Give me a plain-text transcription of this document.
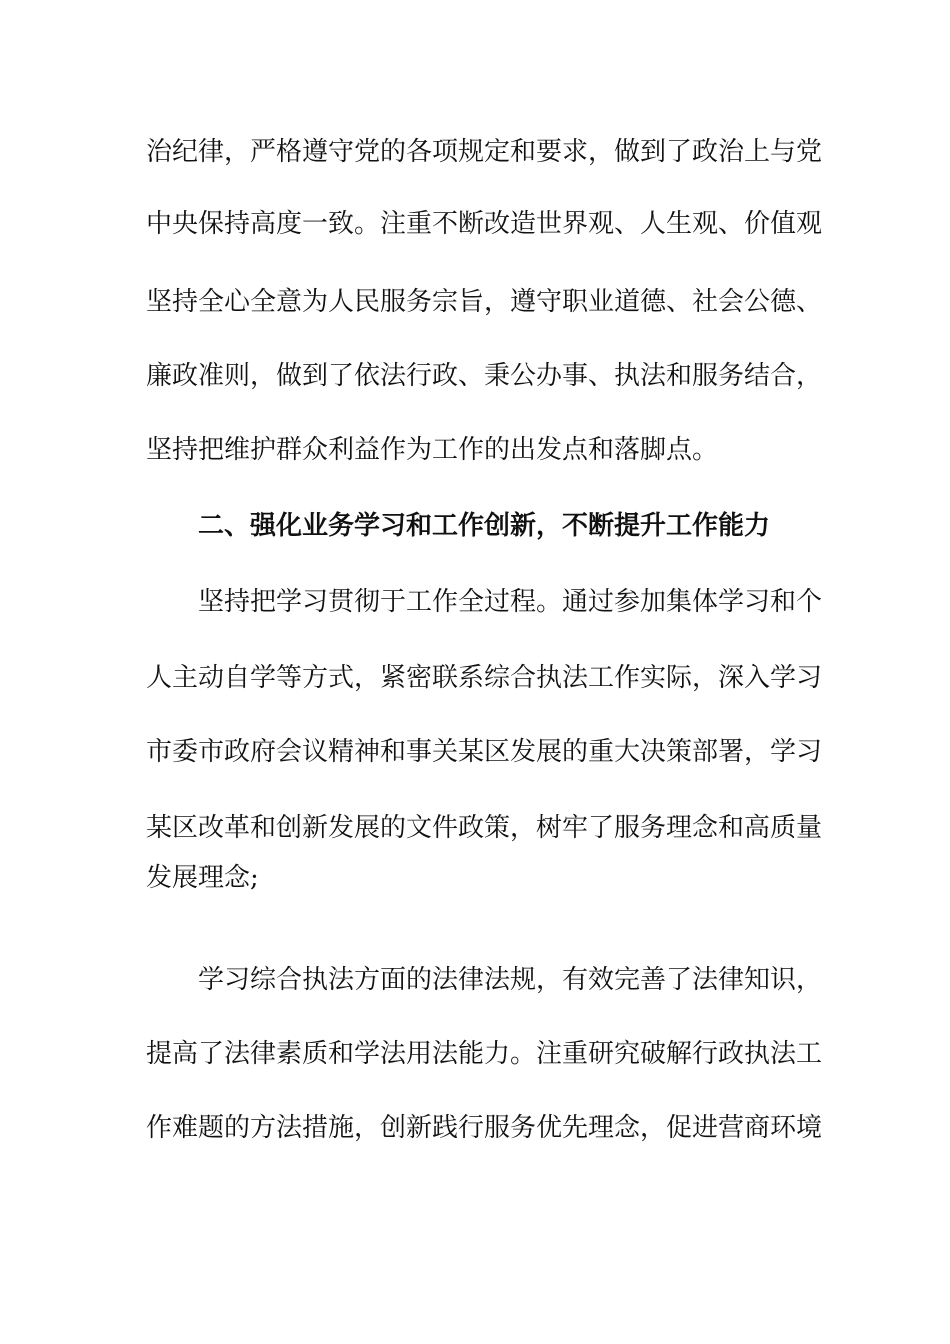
治纪律，严格遵守党的各项规定和要求，做到了政治上与党
中央保持高度一致。注重不断改造世界观、人生观、价值观
坚持全心全意为人民服务宗旨，遵守职业道德、社会公德、
廉政准则，做到了依法行政、秉公办事、执法和服务结合，
坚持把维护群众利益作为工作的出发点和落脚点。
二、强化业务学习和工作创新，不断提升工作能力
坚持把学习贯彻于工作全过程。通过参加集体学习和个
人主动自学等方式，紧密联系综合执法工作实际，深入学习
市委市政府会议精神和事关某区发展的重大决策部署，学习
某区改革和创新发展的文件政策，树牢了服务理念和高质量
发展理念;
学习综合执法方面的法律法规，有效完善了法律知识，
提高了法律素质和学法用法能力。注重研究破解行政执法工
作难题的方法措施，创新践行服务优先理念，促进营商环境
